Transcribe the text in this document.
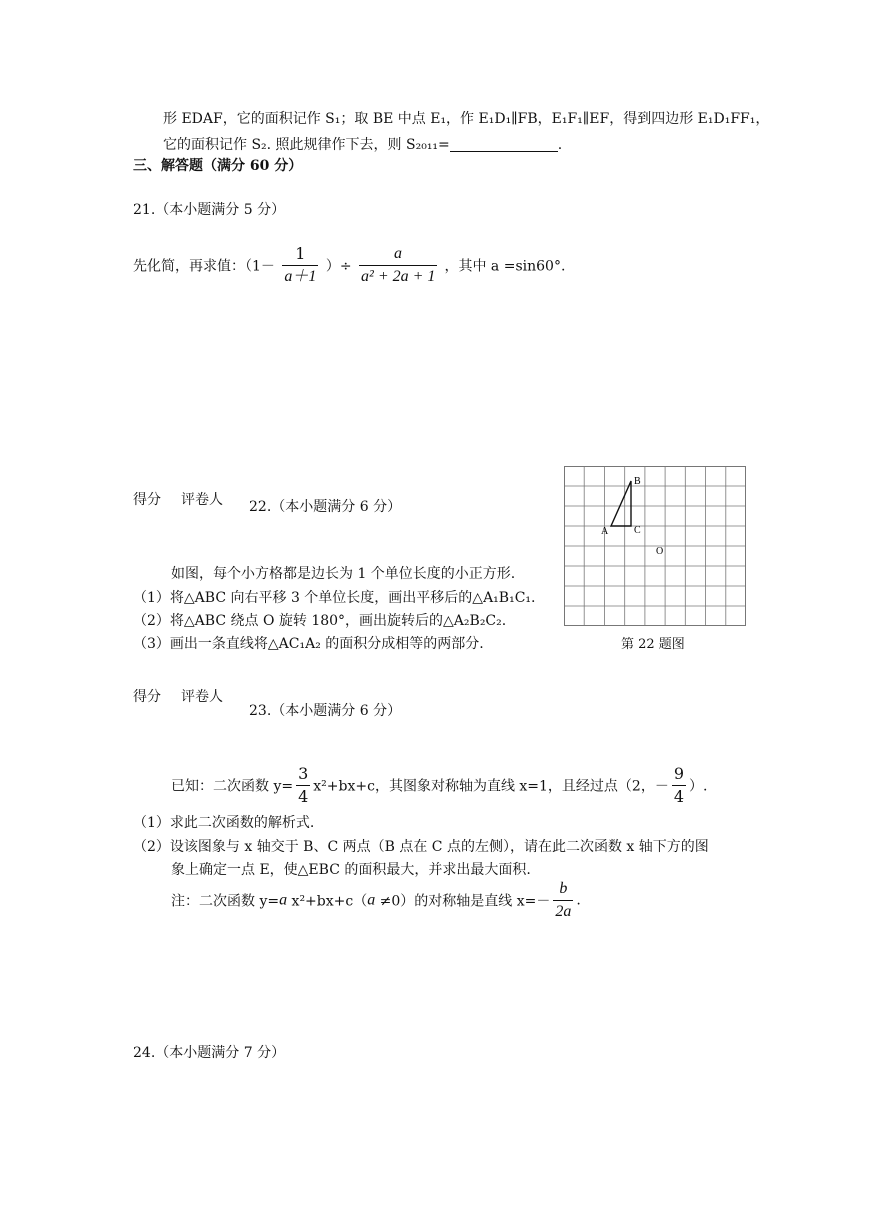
形 EDAF，它的面积记作 S₁；取 BE 中点 E₁，作 E₁D₁∥FB，E₁F₁∥EF，得到四边形 E₁D₁FF₁，
它的面积记作 S₂. 照此规律作下去，则 S₂₀₁₁=	.
三、解答题（满分 60 分）
21.（本小题满分 5 分）
先化简，再求值：（$1- \frac{1}{a+1}$ ）÷ $\frac{a}{\text{a² + 2a + 1}}$ ，其中 a =sin60°.
得分 评卷人 22.（本小题满分 6 分）
如图，每个小方格都是边长为 1 个单位长度的小正方形.
（1）将△ABC 向右平移 3 个单位长度，画出平移后的△A₁B₁C₁.
（2）将△ABC 绕点 O 旋转 180°，画出旋转后的△A₂B₂C₂.
（3）画出一条直线将△AC₁A₂ 的面积分成相等的两部分.
B
A	C
O
第 22 题图
得分 评卷人
23.（本小题满分 6 分）
已知：二次函数 $y= \frac{3}{4} x^2+bx+c$，其图象对称轴为直线 x=1，且经过点（2，－ $\frac{9}{4}$ ）.
（1）求此二次函数的解析式.
（2）设该图象与 x 轴交于 B、C 两点（B 点在 C 点的左侧），请在此二次函数 x 轴下方的图
象上确定一点 E，使△EBC 的面积最大，并求出最大面积.
注：二次函数 y=a x²+bx+c（a ≠0）的对称轴是直线 $x=- \frac{b}{2a}$ .
24.（本小题满分 7 分）
